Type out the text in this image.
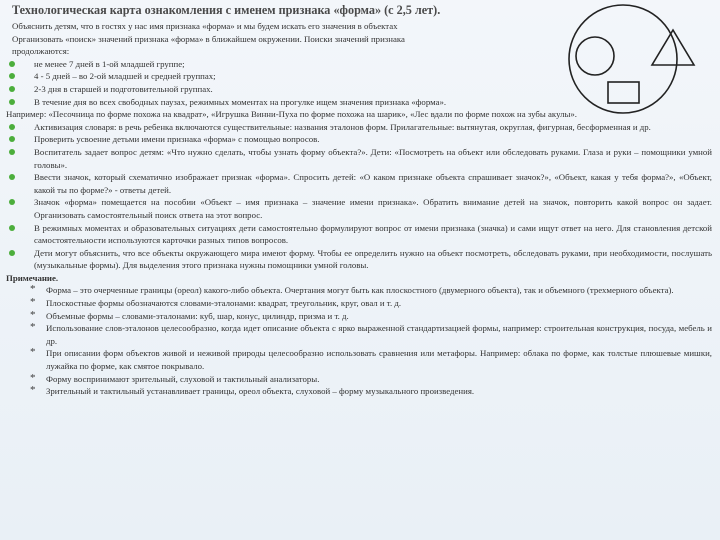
Технологическая карта ознакомления с именем признака «форма» (с 2,5 лет).
Объяснить детям, что в гостях у нас имя признака «форма» и мы будем искать его значения в объектах
Организовать «поиск» значений признака «форма» в ближайшем окружении. Поиски значений признака
продолжаются:
не менее 7 дней в 1-ой младшей группе;
4 - 5 дней – во 2-ой младшей и средней группах;
2-3 дня в старшей и подготовительной группах.
В течение дня во всех свободных паузах, режимных моментах на прогулке ищем значения признака «форма».
Например: «Песочница по форме похожа на квадрат», «Игрушка Винни-Пуха по форме похожа на шарик», «Лес вдали по форме похож на зубы акулы».
Активизация словаря: в речь ребенка включаются существительные: названия эталонов форм. Прилагательные: вытянутая, округлая, фигурная, бесформенная и др.
Проверить усвоение детьми имени признака «форма» с помощью вопросов.
Воспитатель задает вопрос детям: «Что нужно сделать, чтобы узнать форму объекта?». Дети: «Посмотреть на объект или обследовать руками. Глаза и руки – помощники умной головы».
Ввести значок, который схематично изображает признак «форма». Спросить детей: «О каком признаке объекта спрашивает значок?», «Объект, какая у тебя форма?», «Объект, какой ты по форме?» - ответы детей.
Значок «форма» помещается на пособии «Объект – имя признака – значение имени признака». Обратить внимание детей на значок, повторить какой вопрос он задает. Организовать самостоятельный поиск ответа на этот вопрос.
В режимных моментах и образовательных ситуациях дети самостоятельно формулируют вопрос от имени признака (значка) и сами ищут ответ на него. Для становления детской самостоятельности используются карточки разных типов вопросов.
Дети могут объяснить, что все объекты окружающего мира имеют форму. Чтобы ее определить нужно на объект посмотреть, обследовать руками, при необходимости, послушать (музыкальные формы). Для выделения этого признака нужны помощники умной головы.
Примечание.
* Форма – это очерченные границы (ореол) какого-либо объекта. Очертания могут быть как плоскостного (двумерного объекта), так и объемного (трехмерного объекта).
* Плоскостные формы обозначаются словами-эталонами: квадрат, треугольник, круг, овал и т. д.
* Объемные формы – словами-эталонами: куб, шар, конус, цилиндр, призма и т. д.
* Использование слов-эталонов целесообразно, когда идет описание объекта с ярко выраженной стандартизацией формы, например: строительная конструкция, посуда, мебель и др.
* При описании форм объектов живой и неживой природы целесообразно использовать сравнения или метафоры. Например: облака по форме, как толстые плюшевые мишки, лужайка по форме, как смятое покрывало.
* Форму воспринимают зрительный, слуховой и тактильный анализаторы.
* Зрительный и тактильный устанавливает границы, ореол объекта, слуховой – форму музыкального произведения.
